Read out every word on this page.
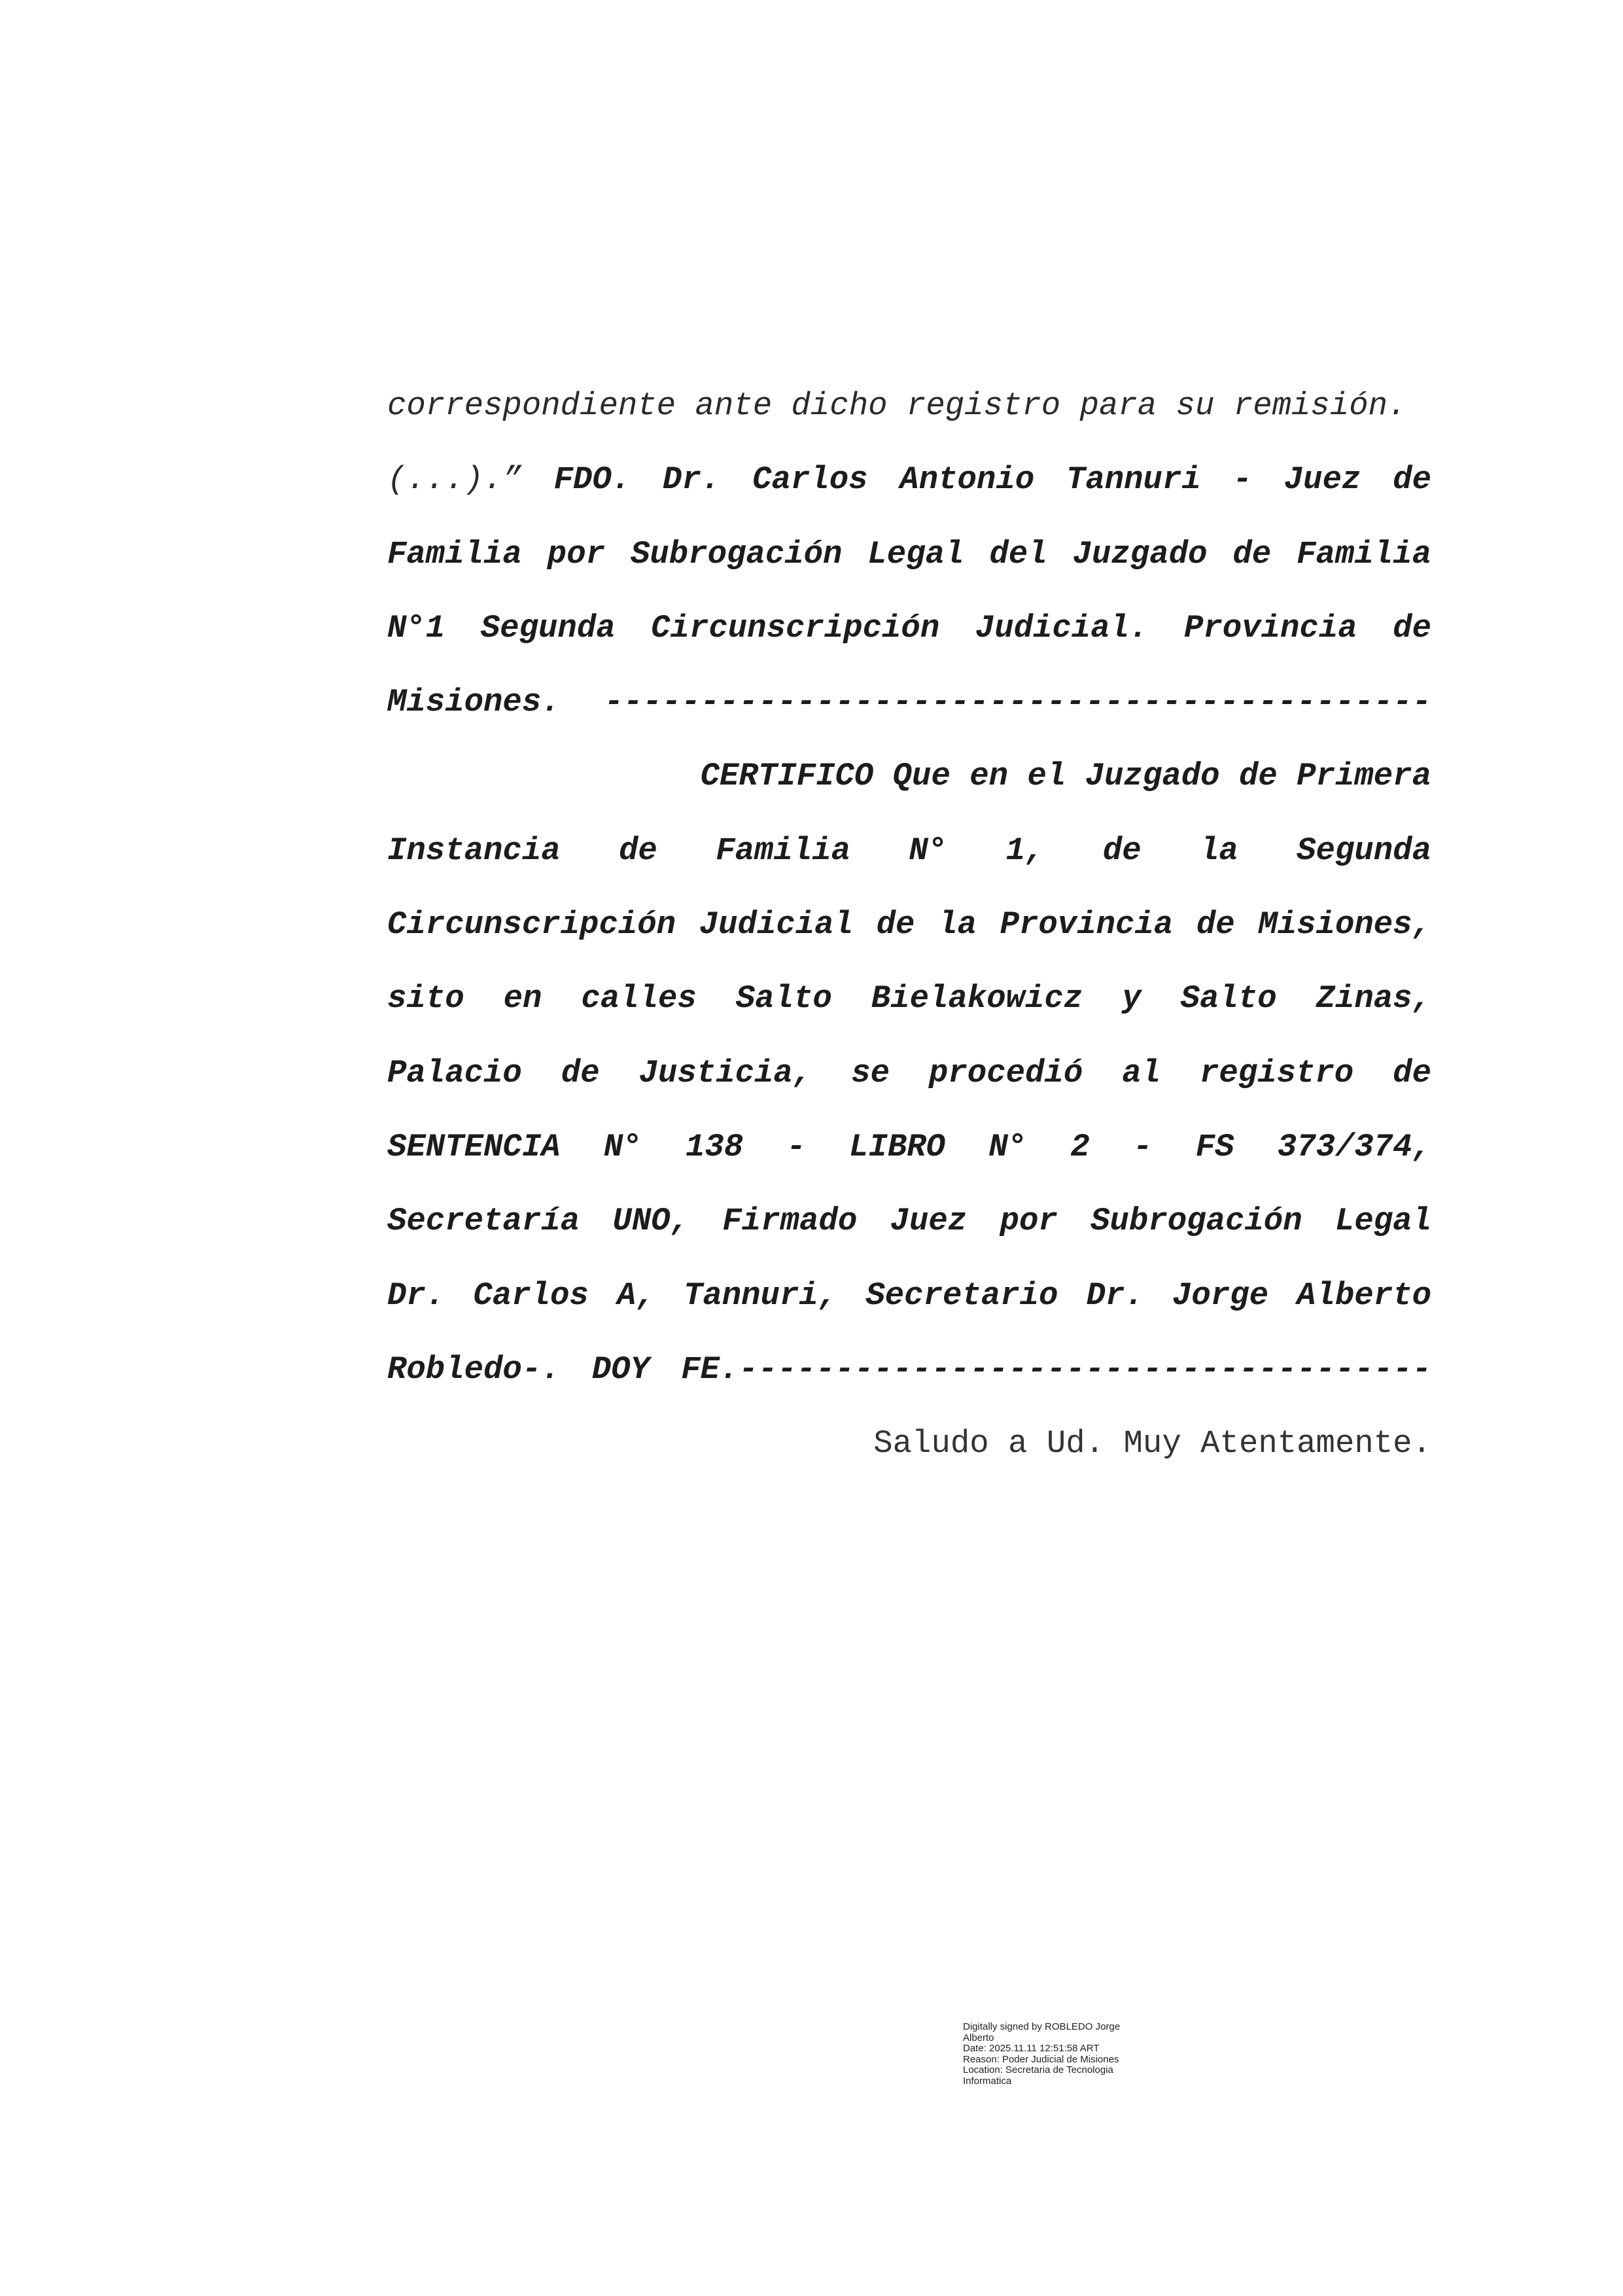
correspondiente ante dicho registro para su remisión.
(...).” FDO. Dr. Carlos Antonio Tannuri - Juez de
Familia por Subrogación Legal del Juzgado de Familia
N°1 Segunda Circunscripción Judicial. Provincia de
Misiones. -------------------------------------------
CERTIFICO Que en el Juzgado de Primera
Instancia de Familia N° 1, de la Segunda
Circunscripción Judicial de la Provincia de Misiones,
sito en calles Salto Bielakowicz y Salto Zinas,
Palacio de Justicia, se procedió al registro de
SENTENCIA N° 138 - LIBRO N° 2 - FS 373/374,
Secretaría UNO, Firmado Juez por Subrogación Legal
Dr. Carlos A, Tannuri, Secretario Dr. Jorge Alberto
Robledo-. DOY FE.------------------------------------
Saludo a Ud. Muy Atentamente.
Digitally signed by ROBLEDO Jorge
Alberto
Date: 2025.11.11 12:51:58 ART
Reason: Poder Judicial de Misiones
Location: Secretaria de Tecnologia
Informatica
